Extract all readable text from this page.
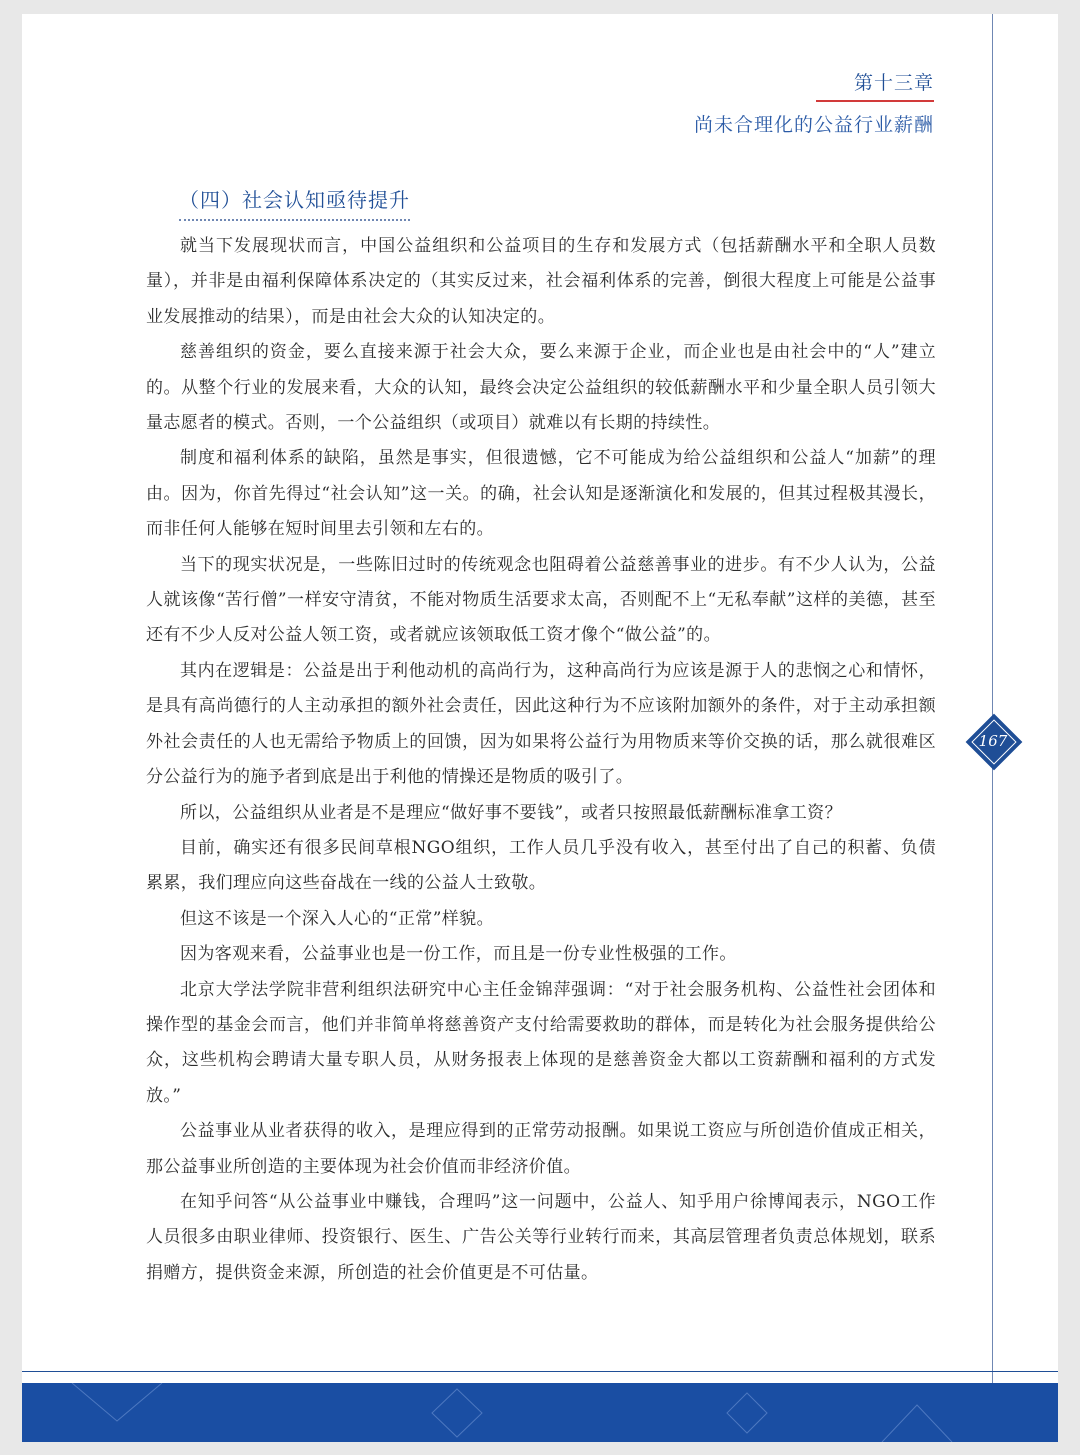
第十三章
尚未合理化的公益行业薪酬
（四）社会认知亟待提升

就当下发展现状而言，中国公益组织和公益项目的生存和发展方式（包括薪酬水平和全职人员数量），并非是由福利保障体系决定的（其实反过来，社会福利体系的完善，倒很大程度上可能是公益事业发展推动的结果），而是由社会大众的认知决定的。

慈善组织的资金，要么直接来源于社会大众，要么来源于企业，而企业也是由社会中的“人”建立的。从整个行业的发展来看，大众的认知，最终会决定公益组织的较低薪酬水平和少量全职人员引领大量志愿者的模式。否则，一个公益组织（或项目）就难以有长期的持续性。

制度和福利体系的缺陷，虽然是事实，但很遗憾，它不可能成为给公益组织和公益人“加薪”的理由。因为，你首先得过“社会认知”这一关。的确，社会认知是逐渐演化和发展的，但其过程极其漫长，而非任何人能够在短时间里去引领和左右的。

当下的现实状况是，一些陈旧过时的传统观念也阻碍着公益慈善事业的进步。有不少人认为，公益人就该像“苦行僧”一样安守清贫，不能对物质生活要求太高，否则配不上“无私奉献”这样的美德，甚至还有不少人反对公益人领工资，或者就应该领取低工资才像个“做公益”的。

其内在逻辑是：公益是出于利他动机的高尚行为，这种高尚行为应该是源于人的悲悯之心和情怀，是具有高尚德行的人主动承担的额外社会责任，因此这种行为不应该附加额外的条件，对于主动承担额外社会责任的人也无需给予物质上的回馈，因为如果将公益行为用物质来等价交换的话，那么就很难区分公益行为的施予者到底是出于利他的情操还是物质的吸引了。

所以，公益组织从业者是不是理应“做好事不要钱”，或者只按照最低薪酬标准拿工资？

目前，确实还有很多民间草根NGO组织，工作人员几乎没有收入，甚至付出了自己的积蓄、负债累累，我们理应向这些奋战在一线的公益人士致敬。

但这不该是一个深入人心的“正常”样貌。

因为客观来看，公益事业也是一份工作，而且是一份专业性极强的工作。

北京大学法学院非营利组织法研究中心主任金锦萍强调：“对于社会服务机构、公益性社会团体和操作型的基金会而言，他们并非简单将慈善资产支付给需要救助的群体，而是转化为社会服务提供给公众，这些机构会聘请大量专职人员，从财务报表上体现的是慈善资金大都以工资薪酬和福利的方式发放。”

公益事业从业者获得的收入，是理应得到的正常劳动报酬。如果说工资应与所创造价值成正相关，那公益事业所创造的主要体现为社会价值而非经济价值。

在知乎问答“从公益事业中赚钱，合理吗”这一问题中，公益人、知乎用户徐博闻表示，NGO工作人员很多由职业律师、投资银行、医生、广告公关等行业转行而来，其高层管理者负责总体规划，联系捐赠方，提供资金来源，所创造的社会价值更是不可估量。

167
